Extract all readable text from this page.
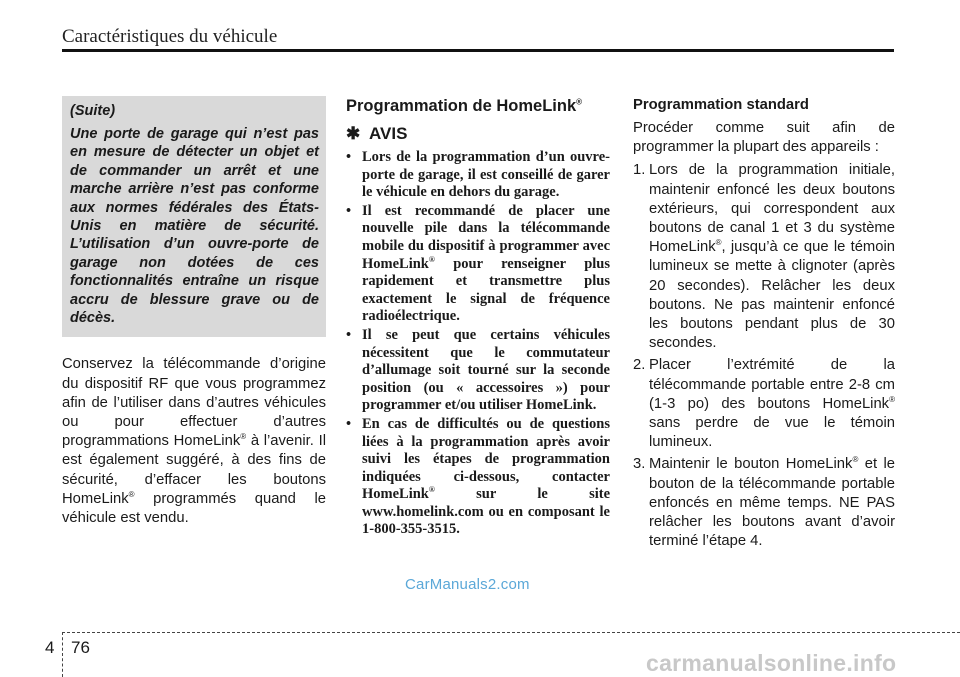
Caractéristiques du véhicule

(Suite)

Une porte de garage qui n’est pas en mesure de détecter un objet et de commander un arrêt et une marche arrière n’est pas conforme aux normes fédérales des États-Unis en matière de sécurité. L’utilisation d’un ouvre-porte de garage non dotées de ces fonctionnalités entraîne un risque accru de blessure grave ou de décès.

Conservez la télécommande d’origine du dispositif RF que vous programmez afin de l’utiliser dans d’autres véhicules ou pour effectuer d’autres programmations HomeLink® à l’avenir. Il est également suggéré, à des fins de sécurité, d’effacer les boutons HomeLink® programmés quand le véhicule est vendu.

Programmation de HomeLink®
✱ AVIS
• Lors de la programmation d’un ouvre-porte de garage, il est conseillé de garer le véhicule en dehors du garage.
• Il est recommandé de placer une nouvelle pile dans la télécommande mobile du dispositif à programmer avec HomeLink® pour renseigner plus rapidement et transmettre plus exactement le signal de fréquence radioélectrique.
• Il se peut que certains véhicules nécessitent que le commutateur d’allumage soit tourné sur la seconde position (ou « accessoires ») pour programmer et/ou utiliser HomeLink.
• En cas de difficultés ou de questions liées à la programmation après avoir suivi les étapes de programmation indiquées ci-dessous, contacter HomeLink® sur le site www.homelink.com ou en composant le 1-800-355-3515.

Programmation standard

Procéder comme suit afin de programmer la plupart des appareils :

1. Lors de la programmation initiale, maintenir enfoncé les deux boutons extérieurs, qui correspondent aux boutons de canal 1 et 3 du système HomeLink®, jusqu’à ce que le témoin lumineux se mette à clignoter (après 20 secondes). Relâcher les deux boutons. Ne pas maintenir enfoncé les boutons pendant plus de 30 secondes.
2. Placer l’extrémité de la télécommande portable entre 2-8 cm (1-3 po) des boutons HomeLink® sans perdre de vue le témoin lumineux.
3. Maintenir le bouton HomeLink® et le bouton de la télécommande portable enfoncés en même temps. NE PAS relâcher les boutons avant d’avoir terminé l’étape 4.
CarManuals2.com
4 76
carmanualsonline.info
